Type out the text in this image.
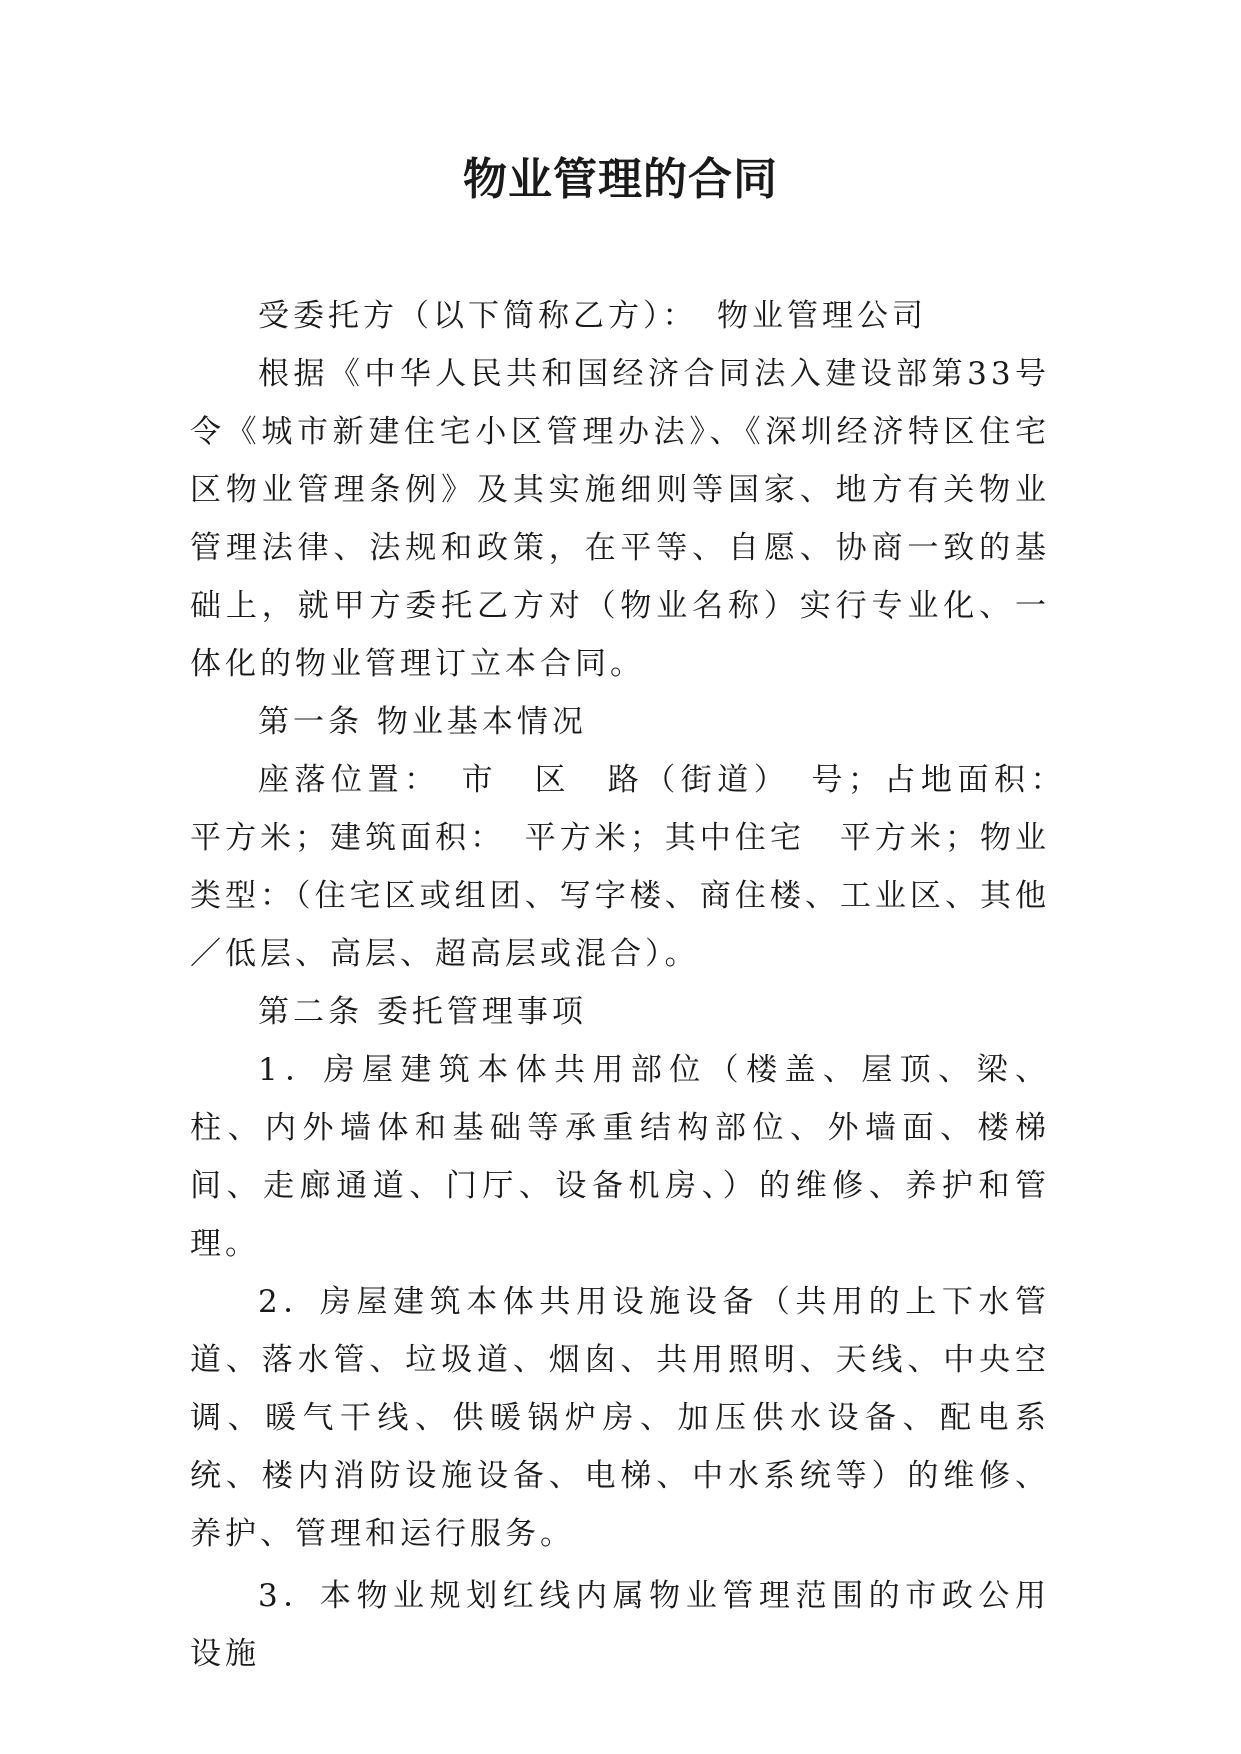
物业管理的合同

受委托方（以下简称乙方）：　物业管理公司

根据《中华人民共和国经济合同法入建设部第33号令《城市新建住宅小区管理办法》、《深圳经济特区住宅区物业管理条例》及其实施细则等国家、地方有关物业管理法律、法规和政策，在平等、自愿、协商一致的基础上，就甲方委托乙方对（物业名称）实行专业化、一体化的物业管理订立本合同。

第一条 物业基本情况

座落位置：　市　区　路（街道）　号；占地面积：　平方米；建筑面积：　平方米；其中住宅　平方米；物业类型：（住宅区或组团、写字楼、商住楼、工业区、其他／低层、高层、超高层或混合）。

第二条 委托管理事项

1．房屋建筑本体共用部位（楼盖、屋顶、梁、柱、内外墙体和基础等承重结构部位、外墙面、楼梯间、走廊通道、门厅、设备机房、）的维修、养护和管理。

2．房屋建筑本体共用设施设备（共用的上下水管道、落水管、垃圾道、烟囱、共用照明、天线、中央空调、暖气干线、供暖锅炉房、加压供水设备、配电系统、楼内消防设施设备、电梯、中水系统等）的维修、养护、管理和运行服务。

3．本物业规划红线内属物业管理范围的市政公用设施
